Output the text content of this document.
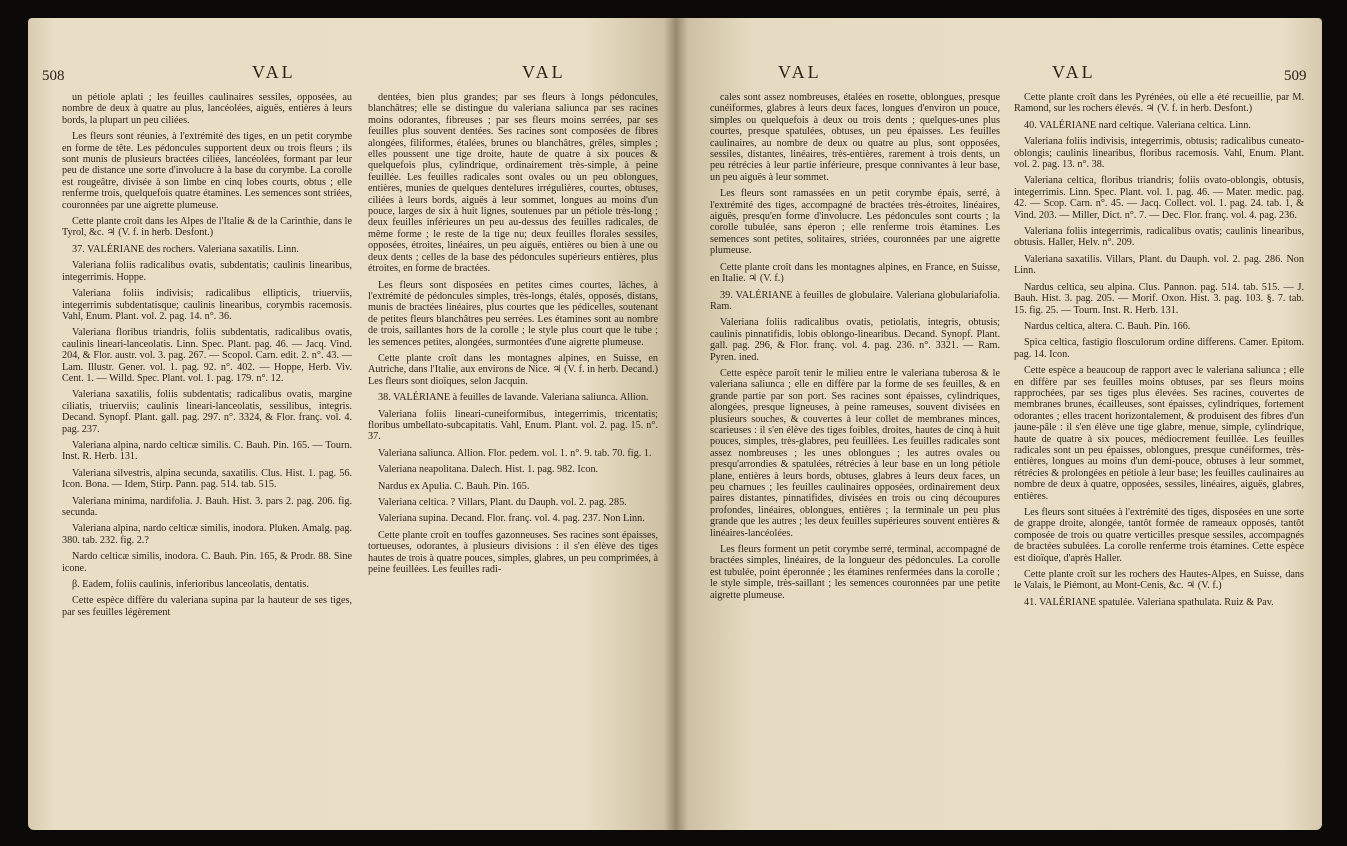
508	VAL	VAL	VAL	VAL	509

un pétiole aplati ; les feuilles caulinaires sessiles, opposées, au nombre de deux à quatre au plus, lancéolées, aiguës, entières à leurs bords, la plupart un peu ciliées.

Les fleurs sont réunies, à l'extrémité des tiges, en un petit corymbe en forme de tête. Les pédoncules supportent deux ou trois fleurs ; ils sont munis de plusieurs bractées ciliées, lancéolées, formant par leur peu de distance une sorte d'involucre à la base du corymbe. La corolle est rougeâtre, divisée à son limbe en cinq lobes courts, obtus ; elle renferme trois, quelquefois quatre étamines. Les semences sont striées, couronnées par une aigrette plumeuse.

Cette plante croît dans les Alpes de l'Italie & de la Carinthie, dans le Tyrol, &c. ♃ (V. f. in herb. Desfont.)

37. VALÉRIANE des rochers. Valeriana saxatilis. Linn.

Valeriana foliis radicalibus ovatis, subdentatis; caulinis linearibus, integerrimis. Hoppe.

Valeriana foliis indivisis; radicalibus ellipticis, triuerviis, integerrimis subdentatisque; caulinis linearibus, corymbis racemosis. Vahl, Enum. Plant. vol. 2. pag. 14. n°. 36.

Valeriana floribus triandris, foliis subdentatis, radicalibus ovatis, caulinis lineari-lanceolatis. Linn. Spec. Plant. pag. 46. — Jacq. Vind. 204, & Flor. austr. vol. 3. pag. 267. — Scopol. Carn. edit. 2. n°. 43. — Lam. Illustr. Gener. vol. 1. pag. 92. n°. 402. — Hoppe, Herb. Viv. Cent. 1. — Willd. Spec. Plant. vol. 1. pag. 179. n°. 12.

Valeriana saxatilis, foliis subdentatis; radicalibus ovatis, margine ciliatis, triuerviis; caulinis lineari-lanceolatis, sessilibus, integris. Decand. Synopf. Plant. gall. pag. 297. n°. 3324, & Flor. franç. vol. 4. pag. 237.

Valeriana alpina, nardo celticæ similis. C. Bauh. Pin. 165. — Tourn. Inst. R. Herb. 131.

Valeriana silvestris, alpina secunda, saxatilis. Clus. Hist. 1. pag. 56. Icon. Bona. — Idem, Stirp. Pann. pag. 514. tab. 515.

Valeriana minima, nardifolia. J. Bauh. Hist. 3. pars 2. pag. 206. fig. secunda.

Valeriana alpina, nardo celticæ similis, inodora. Pluken. Amalg. pag. 380. tab. 232. fig. 2.?

Nardo celticæ similis, inodora. C. Bauh. Pin. 165, & Prodr. 88. Sine icone.

β. Eadem, foliis caulinis, inferioribus lanceolatis, dentatis.

Cette espèce diffère du valeriana supina par la hauteur de ses tiges, par ses feuilles légèrement

dentées, bien plus grandes; par ses fleurs à longs pédoncules, blanchâtres; elle se distingue du valeriana saliunca par ses racines moins odorantes, fibreuses ; par ses fleurs moins serrées, par ses feuilles plus souvent dentées. Ses racines sont composées de fibres alongées, filiformes, étalées, brunes ou blanchâtres, grêles, simples ; elles poussent une tige droite, haute de quatre à six pouces & quelquefois plus, cylindrique, ordinairement très-simple, à peine feuillée. Les feuilles radicales sont ovales ou un peu oblongues, entières, munies de quelques dentelures irrégulières, courtes, obtuses, ciliées à leurs bords, aiguës à leur sommet, longues au moins d'un pouce, larges de six à huit lignes, soutenues par un pétiole très-long ; deux feuilles inférieures un peu au-dessus des feuilles radicales, de même forme ; le reste de la tige nu; deux feuilles florales sessiles, opposées, étroites, linéaires, un peu aiguës, entières ou bien à une ou deux dents ; celles de la base des pédoncules supérieurs entières, plus étroites, en forme de bractées.

Les fleurs sont disposées en petites cimes courtes, lâches, à l'extrémité de pédoncules simples, très-longs, étalés, opposés, distans, munis de bractées linéaires, plus courtes que les pédicelles, soutenant de petites fleurs blanchâtres peu serrées. Les étamines sont au nombre de trois, saillantes hors de la corolle ; le style plus court que le tube ; les semences petites, alongées, surmontées d'une aigrette plumeuse.

Cette plante croît dans les montagnes alpines, en Suisse, en Autriche, dans l'Italie, aux environs de Nice. ♃ (V. f. in herb. Decand.) Les fleurs sont dioïques, selon Jacquin.

38. VALÉRIANE à feuilles de lavande. Valeriana saliunca. Allion.

Valeriana foliis lineari-cuneiformibus, integerrimis, tricentatis; floribus umbellato-subcapitatis. Vahl, Enum. Plant. vol. 2. pag. 15. n°. 37.

Valeriana saliunca. Allion. Flor. pedem. vol. 1. n°. 9. tab. 70. fig. 1.

Valeriana neapolitana. Dalech. Hist. 1. pag. 982. Icon.

Nardus ex Apulia. C. Bauh. Pin. 165.

Valeriana celtica. ? Villars, Plant. du Dauph. vol. 2. pag. 285.

Valeriana supina. Decand. Flor. franç. vol. 4. pag. 237. Non Linn.

Cette plante croît en touffes gazonneuses. Ses racines sont épaisses, tortueuses, odorantes, à plusieurs divisions : il s'en élève des tiges hautes de trois à quatre pouces, simples, glabres, un peu comprimées, à peine feuillées. Les feuilles radi-

cales sont assez nombreuses, étalées en rosette, oblongues, presque cunéiformes, glabres à leurs deux faces, longues d'environ un pouce, simples ou quelquefois à deux ou trois dents ; quelques-unes plus courtes, presque spatulées, obtuses, un peu épaisses. Les feuilles caulinaires, au nombre de deux ou quatre au plus, sont opposées, sessiles, distantes, linéaires, très-entières, rarement à trois dents, un peu rétrécies à leur partie inférieure, presque connivantes à leur base, un peu aiguës à leur sommet.

Les fleurs sont ramassées en un petit corymbe épais, serré, à l'extrémité des tiges, accompagné de bractées très-étroites, linéaires, aiguës, presqu'en forme d'involucre. Les pédoncules sont courts ; la corolle tubulée, sans éperon ; elle renferme trois étamines. Les semences sont petites, solitaires, striées, couronnées par une aigrette plumeuse.

Cette plante croît dans les montagnes alpines, en France, en Suisse, en Italie. ♃ (V. f.)

39. VALÉRIANE à feuilles de globulaire. Valeriana globulariafolia. Ram.

Valeriana foliis radicalibus ovatis, petiolatis, integris, obtusis; caulinis pinnatifidis, lobis oblongo-linearibus. Decand. Synopf. Plant. gall. pag. 296, & Flor. franç. vol. 4. pag. 236. n°. 3321. — Ram. Pyren. ined.

Cette espèce paroît tenir le milieu entre le valeriana tuberosa & le valeriana saliunca ; elle en diffère par la forme de ses feuilles, & en grande partie par son port. Ses racines sont épaisses, cylindriques, alongées, presque ligneuses, à peine rameuses, souvent divisées en plusieurs souches, & couvertes à leur collet de membranes minces, scarieuses : il s'en élève des tiges foibles, droites, hautes de cinq à huit pouces, simples, très-glabres, peu feuillées. Les feuilles radicales sont assez nombreuses ; les unes oblongues ; les autres ovales ou presqu'arrondies & spatulées, rétrécies à leur base en un long pétiole plane, entières à leurs bords, obtuses, glabres à leurs deux faces, un peu charnues ; les feuilles caulinaires opposées, ordinairement deux paires distantes, pinnatifides, divisées en trois ou cinq découpures profondes, linéaires, oblongues, entières ; la terminale un peu plus grande que les autres ; les deux feuilles supérieures souvent entières & linéaires-lancéolées.

Les fleurs forment un petit corymbe serré, terminal, accompagné de bractées simples, linéaires, de la longueur des pédoncules. La corolle est tubulée, point éperonnée ; les étamines renfermées dans la corolle ; le style simple, très-saillant ; les semences couronnées par une petite aigrette plumeuse.

Cette plante croît dans les Pyrénées, où elle a été recueillie, par M. Ramond, sur les rochers élevés. ♃ (V. f. in herb. Desfont.)

40. VALÉRIANE nard celtique. Valeriana celtica. Linn.

Valeriana foliis indivisis, integerrimis, obtusis; radicalibus cuneato-oblongis; caulinis linearibus, floribus racemosis. Vahl, Enum. Plant. vol. 2. pag. 13. n°. 38.

Valeriana celtica, floribus triandris; foliis ovato-oblongis, obtusis, integerrimis. Linn. Spec. Plant. vol. 1. pag. 46. — Mater. medic. pag. 42. — Scop. Carn. n°. 45. — Jacq. Collect. vol. 1. pag. 24. tab. 1, & Vind. 203. — Miller, Dict. n°. 7. — Dec. Flor. franç. vol. 4. pag. 236.

Valeriana foliis integerrimis, radicalibus ovatis; caulinis linearibus, obtusis. Haller, Helv. n°. 209.

Valeriana saxatilis. Villars, Plant. du Dauph. vol. 2. pag. 286. Non Linn.

Nardus celtica, seu alpina. Clus. Pannon. pag. 514. tab. 515. — J. Bauh. Hist. 3. pag. 205. — Morif. Oxon. Hist. 3. pag. 103. §. 7. tab. 15. fig. 25. — Tourn. Inst. R. Herb. 131.

Nardus celtica, altera. C. Bauh. Pin. 166.

Spica celtica, fastigio flosculorum ordine differens. Camer. Epitom. pag. 14. Icon.

Cette espèce a beaucoup de rapport avec le valeriana saliunca ; elle en diffère par ses feuilles moins obtuses, par ses fleurs moins rapprochées, par ses tiges plus élevées. Ses racines, couvertes de membranes brunes, écailleuses, sont épaisses, cylindriques, fortement odorantes ; elles tracent horizontalement, & produisent des fibres d'un jaune-pâle : il s'en élève une tige glabre, menue, simple, cylindrique, haute de quatre à six pouces, médiocrement feuillée. Les feuilles radicales sont un peu épaisses, oblongues, presque cunéiformes, très-entières, longues au moins d'un demi-pouce, obtuses à leur sommet, rétrécies & prolongées en pétiole à leur base; les feuilles caulinaires au nombre de deux à quatre, opposées, sessiles, linéaires, aiguës, glabres, entières.

Les fleurs sont situées à l'extrémité des tiges, disposées en une sorte de grappe droite, alongée, tantôt formée de rameaux opposés, tantôt composée de trois ou quatre verticilles presque sessiles, accompagnés de bractées subulées. La corolle renferme trois étamines. Cette espèce est dioïque, d'après Haller.

Cette plante croît sur les rochers des Hautes-Alpes, en Suisse, dans le Valais, le Piémont, au Mont-Cenis, &c. ♃ (V. f.)

41. VALÉRIANE spatulée. Valeriana spathulata. Ruiz & Pav.
